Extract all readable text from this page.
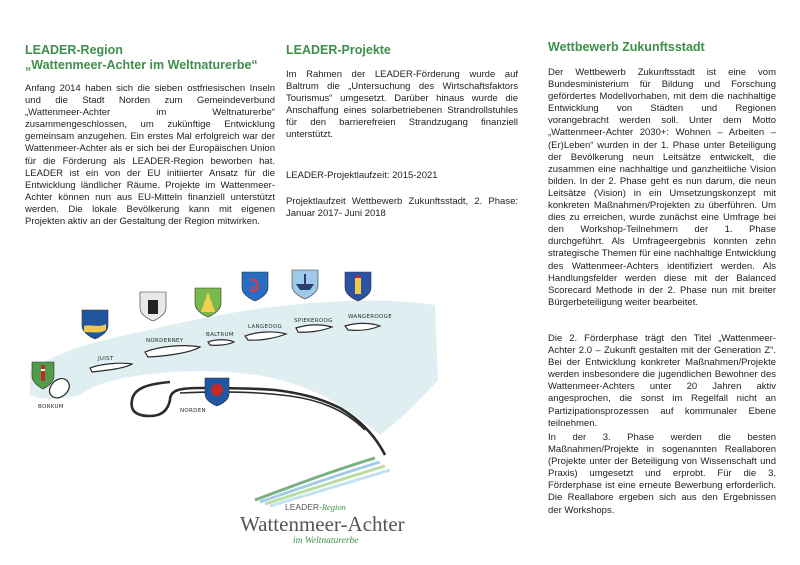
LEADER-Region
„Wattenmeer-Achter im Weltnaturerbe“

Anfang 2014 haben sich die sieben ostfriesischen Inseln und die Stadt Norden zum Gemeindeverbund „Wattenmeer-Achter im Weltnaturerbe“ zusammengeschlossen, um zukünftige Entwicklung gemeinsam anzugehen. Ein erstes Mal erfolgreich war der Wattenmeer-Achter als er sich bei der Europäischen Union für die Förderung als LEADER-Region beworben hat. LEADER ist ein von der EU initiierter Ansatz für die Entwicklung ländlicher Räume. Projekte im Wattenmeer-Achter können nun aus EU-Mitteln finanziell unterstützt werden. Die lokale Bevölkerung kann mit eigenen Projekten aktiv an der Gestaltung der Region mitwirken.

LEADER-Projekte

Im Rahmen der LEADER-Förderung wurde auf Baltrum die „Untersuchung des Wirtschaftsfaktors Tourismus“ umgesetzt. Darüber hinaus wurde die Anschaffung eines solarbetriebenen Strandrollstuhles für den barrierefreien Strandzugang finanziell unterstützt.

LEADER-Projektlaufzeit: 2015-2021

Projektlaufzeit Wettbewerb Zukunftsstadt, 2. Phase: Januar 2017- Juni 2018

Wettbewerb Zukunftsstadt

Der Wettbewerb Zukunftsstadt ist eine vom Bundesministerium für Bildung und Forschung gefördertes Modellvorhaben, mit dem die nachhaltige Entwicklung von Städten und Regionen vorangebracht werden soll. Unter dem Motto „Wattenmeer-Achter 2030+: Wohnen – Arbeiten – (Er)Leben“ wurden in der 1. Phase unter Beteiligung der Bevölkerung neun Leitsätze entwickelt, die zusammen eine nachhaltige und ganzheitliche Vision bilden. In der 2. Phase geht es nun darum, die neun Leitsätze (Vision) in ein Umsetzungskonzept mit konkreten Maßnahmen/Projekten zu überführen. Um dies zu erreichen, wurde zunächst eine Umfrage bei den Workshop-Teilnehmern der 1. Phase durchgeführt. Als Umfrageergebnis konnten zehn strategische Themen für eine nachhaltige Entwicklung des Wattenmeer-Achters identifiziert werden. Als Handlungsfelder werden diese mit der Balanced Scorecard Methode in der 2. Phase nun mit breiter Bürgerbeteiligung weiter bearbeitet.

Die 2. Förderphase trägt den Titel „Wattenmeer-Achter 2.0 – Zukunft gestalten mit der Generation Z“. Bei der Entwicklung konkreter Maßnahmen/Projekte werden insbesondere die jugendlichen Bewohner des Wattenmeer-Achters unter 20 Jahren aktiv angesprochen, die sonst im Regelfall nicht an Partizipationsprozessen auf kommunaler Ebene teilnehmen.

In der 3. Phase werden die besten Maßnahmen/Projekte in sogenannten Reallaboren (Projekte unter der Beteiligung von Wissenschaft und Praxis) umgesetzt und erprobt. Für die 3. Förderphase ist eine erneute Bewerbung erforderlich. Die Reallabore ergeben sich aus den Ergebnissen der Workshops.

BORKUM
JUIST
NORDERNEY
BALTRUM
LANGEOOG
SPIEKEROOG
WANGEROOGE
NORDEN
LEADER-Region
Wattenmeer-Achter
im Weltnaturerbe
